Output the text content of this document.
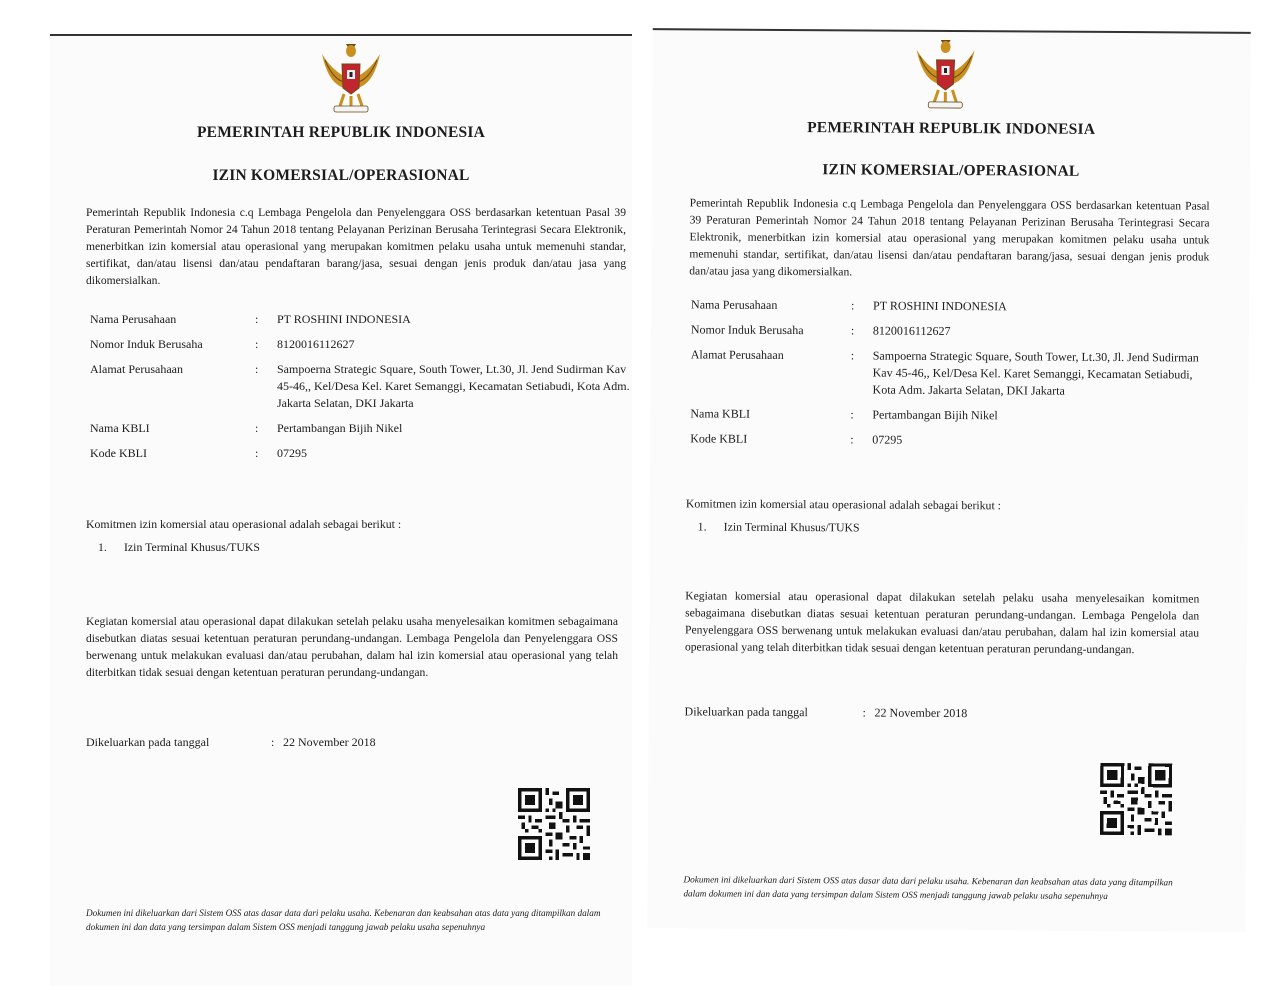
PEMERINTAH REPUBLIK INDONESIA
IZIN KOMERSIAL/OPERASIONAL
Pemerintah Republik Indonesia c.q Lembaga Pengelola dan Penyelenggara OSS berdasarkan ketentuan Pasal 39 Peraturan Pemerintah Nomor 24 Tahun 2018 tentang Pelayanan Perizinan Berusaha Terintegrasi Secara Elektronik, menerbitkan izin komersial atau operasional yang merupakan komitmen pelaku usaha untuk memenuhi standar, sertifikat, dan/atau lisensi dan/atau pendaftaran barang/jasa, sesuai dengan jenis produk dan/atau jasa yang dikomersialkan.
Nama Perusahaan	:	PT ROSHINI INDONESIA
Nomor Induk Berusaha	:	8120016112627
Alamat Perusahaan	:	Sampoerna Strategic Square, South Tower, Lt.30, Jl. Jend Sudirman Kav 45-46,, Kel/Desa Kel. Karet Semanggi, Kecamatan Setiabudi, Kota Adm. Jakarta Selatan, DKI Jakarta
Nama KBLI	:	Pertambangan Bijih Nikel
Kode KBLI	:	07295
Komitmen izin komersial atau operasional adalah sebagai berikut :
1. Izin Terminal Khusus/TUKS
Kegiatan komersial atau operasional dapat dilakukan setelah pelaku usaha menyelesaikan komitmen sebagaimana disebutkan diatas sesuai ketentuan peraturan perundang-undangan. Lembaga Pengelola dan Penyelenggara OSS berwenang untuk melakukan evaluasi dan/atau perubahan, dalam hal izin komersial atau operasional yang telah diterbitkan tidak sesuai dengan ketentuan peraturan perundang-undangan.
Dikeluarkan pada tanggal	: 22 November 2018
Dokumen ini dikeluarkan dari Sistem OSS atas dasar data dari pelaku usaha. Kebenaran dan keabsahan atas data yang ditampilkan dalam dokumen ini dan data yang tersimpan dalam Sistem OSS menjadi tanggung jawab pelaku usaha sepenuhnya
PEMERINTAH REPUBLIK INDONESIA
IZIN KOMERSIAL/OPERASIONAL
Pemerintah Republik Indonesia c.q Lembaga Pengelola dan Penyelenggara OSS berdasarkan ketentuan Pasal 39 Peraturan Pemerintah Nomor 24 Tahun 2018 tentang Pelayanan Perizinan Berusaha Terintegrasi Secara Elektronik, menerbitkan izin komersial atau operasional yang merupakan komitmen pelaku usaha untuk memenuhi standar, sertifikat, dan/atau lisensi dan/atau pendaftaran barang/jasa, sesuai dengan jenis produk dan/atau jasa yang dikomersialkan.
Nama Perusahaan	:	PT ROSHINI INDONESIA
Nomor Induk Berusaha	:	8120016112627
Alamat Perusahaan	:	Sampoerna Strategic Square, South Tower, Lt.30, Jl. Jend Sudirman Kav 45-46,, Kel/Desa Kel. Karet Semanggi, Kecamatan Setiabudi, Kota Adm. Jakarta Selatan, DKI Jakarta
Nama KBLI	:	Pertambangan Bijih Nikel
Kode KBLI	:	07295
Komitmen izin komersial atau operasional adalah sebagai berikut :
1. Izin Terminal Khusus/TUKS
Kegiatan komersial atau operasional dapat dilakukan setelah pelaku usaha menyelesaikan komitmen sebagaimana disebutkan diatas sesuai ketentuan peraturan perundang-undangan. Lembaga Pengelola dan Penyelenggara OSS berwenang untuk melakukan evaluasi dan/atau perubahan, dalam hal izin komersial atau operasional yang telah diterbitkan tidak sesuai dengan ketentuan peraturan perundang-undangan.
Dikeluarkan pada tanggal	: 22 November 2018
Dokumen ini dikeluarkan dari Sistem OSS atas dasar data dari pelaku usaha. Kebenaran dan keabsahan atas data yang ditampilkan dalam dokumen ini dan data yang tersimpan dalam Sistem OSS menjadi tanggung jawab pelaku usaha sepenuhnya
